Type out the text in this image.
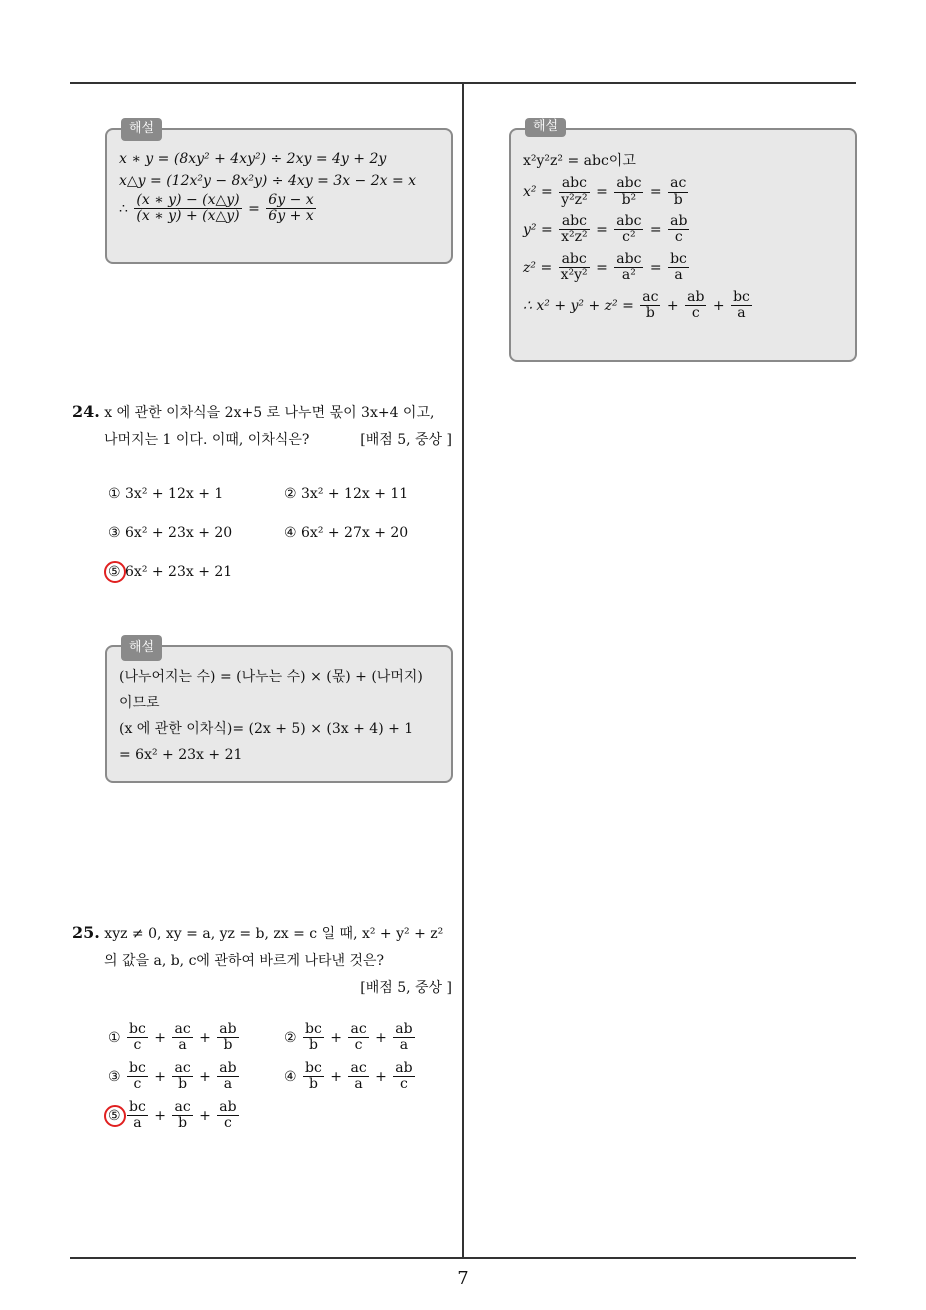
해설
x ∗ y = (8xy² + 4xy²) ÷ 2xy = 4y + 2y
x△y = (12x²y − 8x²y) ÷ 4xy = 3x − 2x = x
∴ $\frac{(x ∗ y) - (x\triangle y)}{(x ∗ y) + (x\triangle y)} = \frac{6y - x}{6y + x}$
해설
x²y²z² = abc이고
$x^2 = \frac{\text{abc}}{\text{y²z²}} = \frac{\text{abc}}{\text{b²}} = \frac{ac}{b}$
$y^2 = \frac{\text{abc}}{\text{x²z²}} = \frac{\text{abc}}{\text{c²}} = \frac{ab}{c}$
$z^2 = \frac{\text{abc}}{\text{x²y²}} = \frac{\text{abc}}{\text{a²}} = \frac{bc}{a}$
∴ $x^2 + y^2 + z^2 = \frac{ac}{b} + \frac{ab}{c} + \frac{bc}{a}$
24. x 에 관한 이차식을 2x+5 로 나누면 몫이 3x+4 이고,
나머지는 1 이다. 이때, 이차식은?	[배점 5, 중상 ]
① 3x² + 12x + 1	② 3x² + 12x + 11
③ 6x² + 23x + 20	④ 6x² + 27x + 20
⑤ 6x² + 23x + 21
해설
(나누어지는 수) = (나누는 수) × (몫) + (나머지)
이므로
(x 에 관한 이차식)= (2x + 5) × (3x + 4) + 1
= 6x² + 23x + 21
25. xyz ≠ 0, xy = a, yz = b, zx = c 일 때, x² + y² + z²
의 값을 a, b, c에 관하여 바르게 나타낸 것은?
[배점 5, 중상 ]
① $\frac{bc}{c} + \frac{ac}{a} + \frac{ab}{b}$	② $\frac{bc}{b} + \frac{ac}{c} + \frac{ab}{a}$
③ $\frac{bc}{c} + \frac{ac}{b} + \frac{ab}{a}$	④ $\frac{bc}{b} + \frac{ac}{a} + \frac{ab}{c}$
⑤ $\frac{bc}{a} + \frac{ac}{b} + \frac{ab}{c}$
7
